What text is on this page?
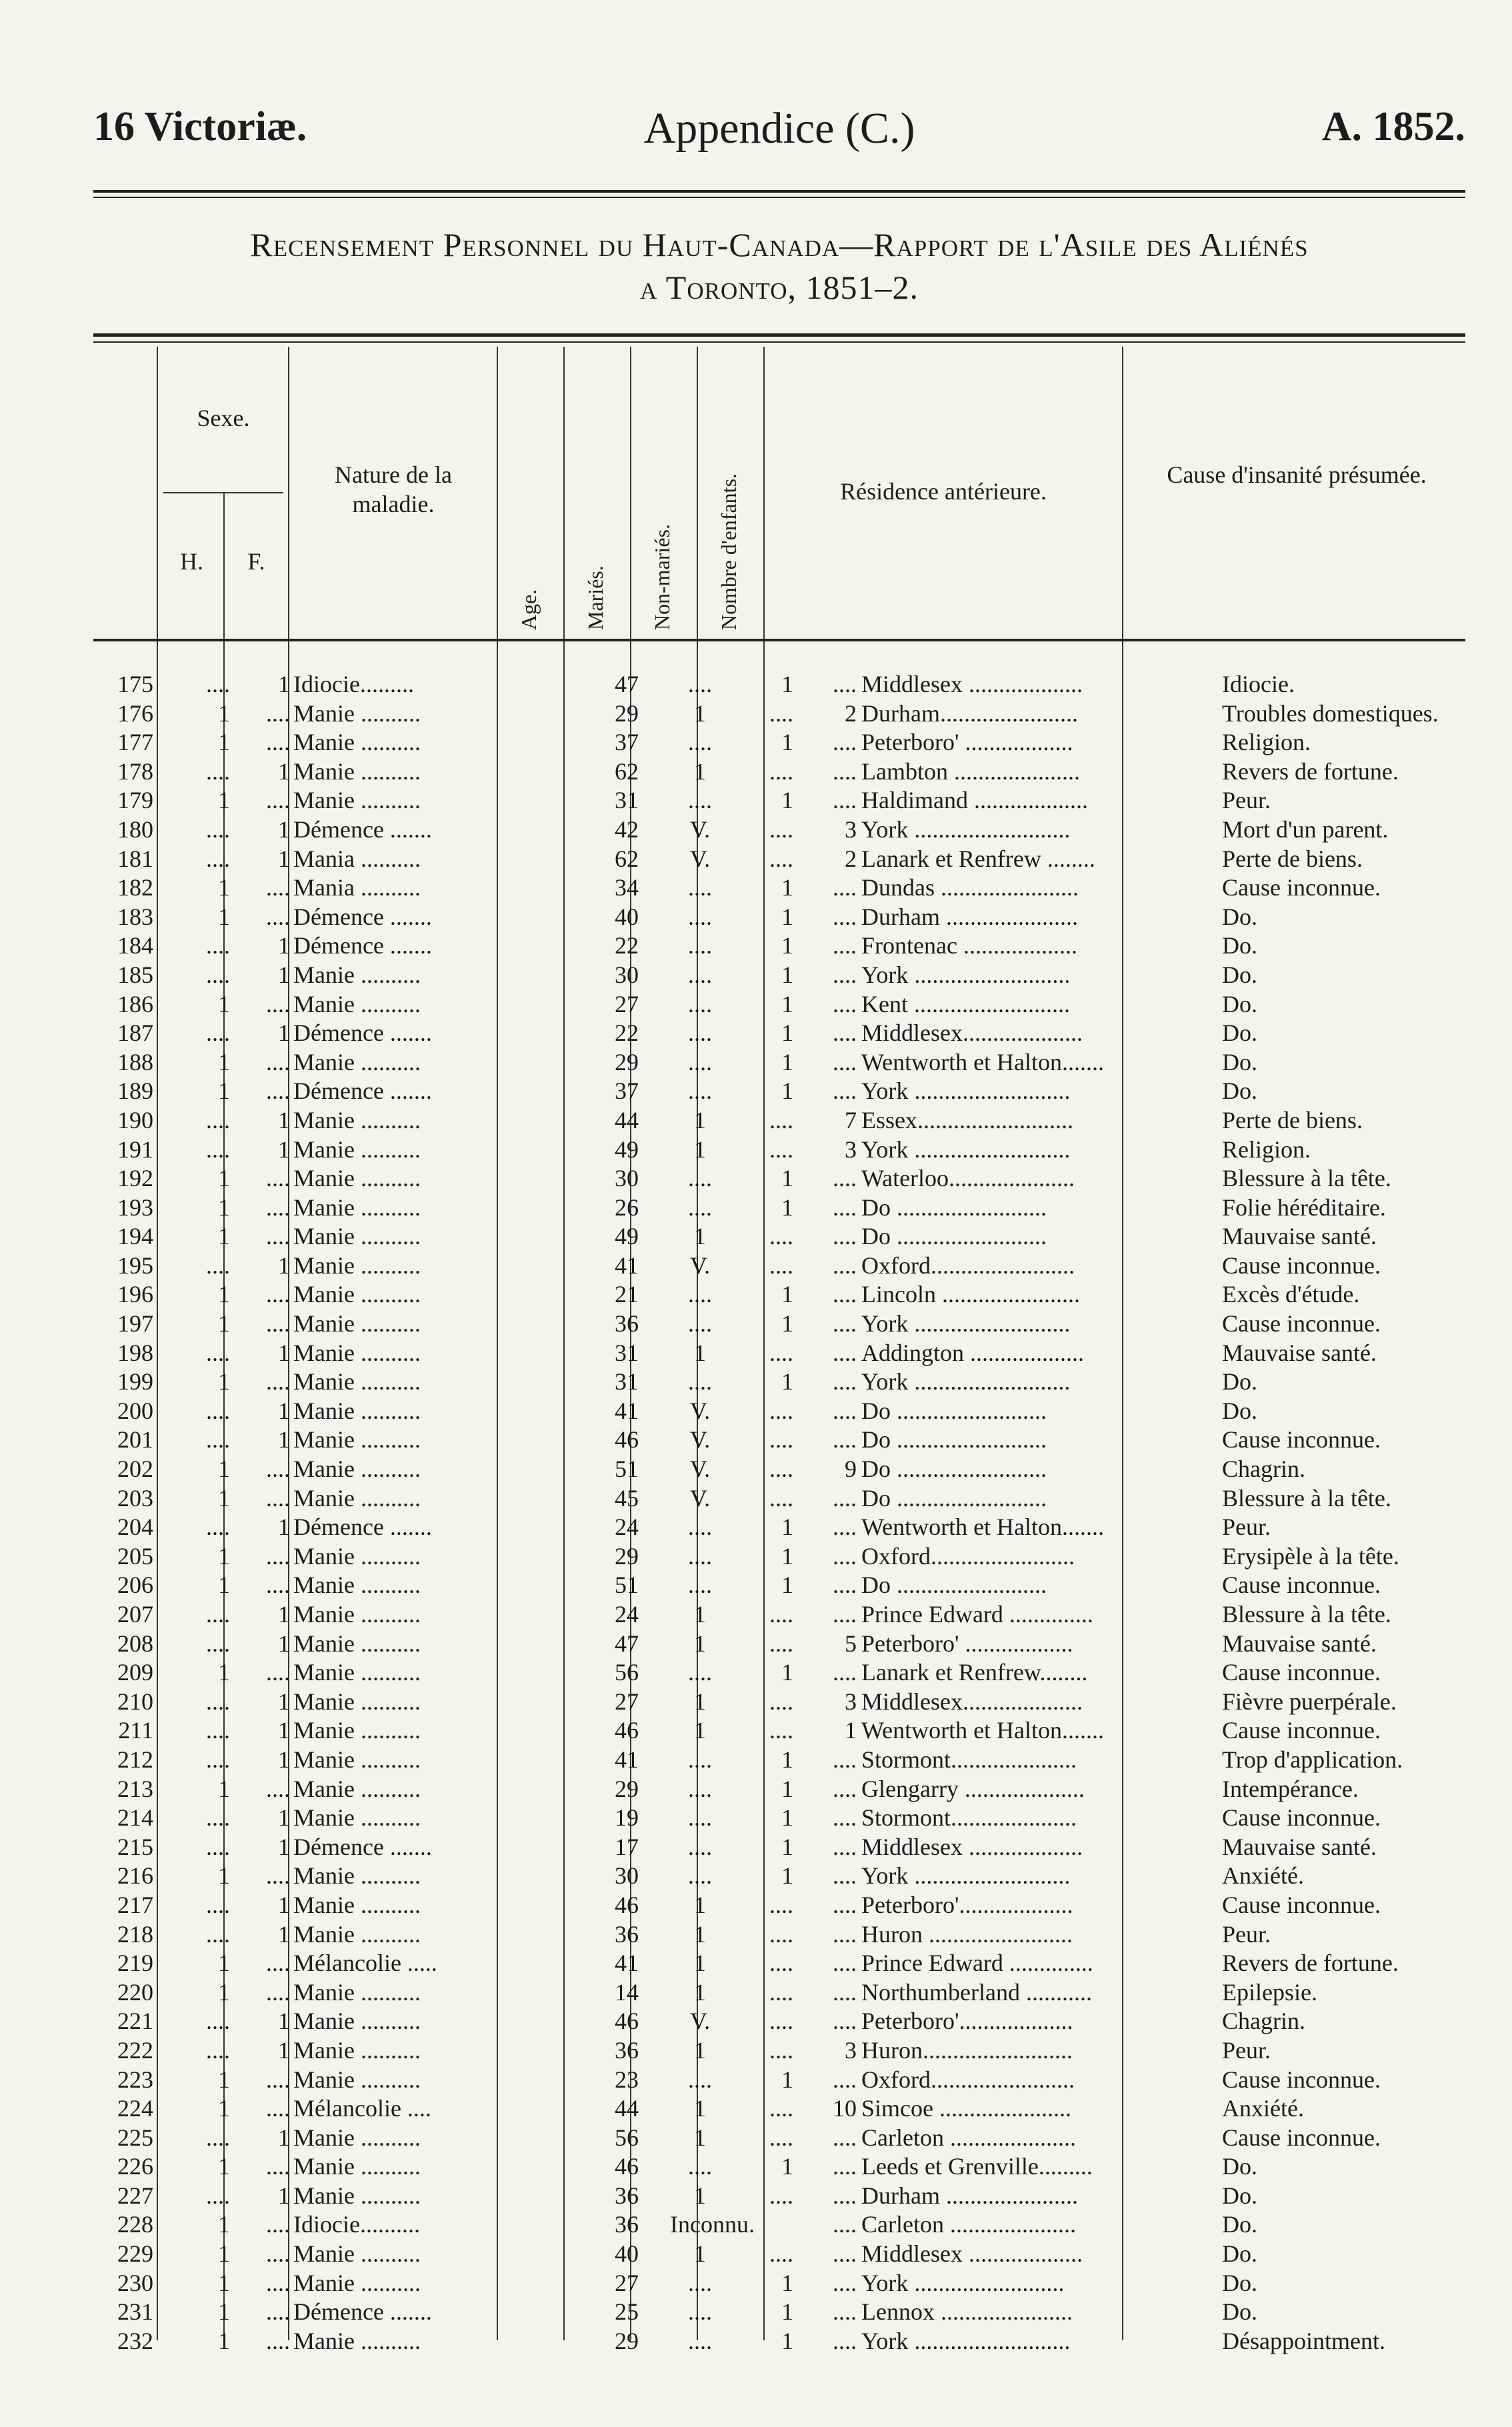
16 Victoriæ.	Appendice (C.)	A. 1852.
Recensement Personnel du Haut-Canada—Rapport de l'Asile des Aliénés
a Toronto, 1851–2.
Sexe.
H.	F.
Nature de la maladie.
Age. Mariés. Non-mariés. Nombre d'enfants.	Résidence antérieure.
Cause d'insanité présumée.
175	....	1 Idiocie.........	47	....	1	.... Middlesex ...................	Idiocie.
176	1	.... Manie ..........	29	1	....	2 Durham.......................	Troubles domestiques.
177	1	.... Manie ..........	37	....	1	.... Peterboro' ..................	Religion.
178	....	1 Manie ..........	62	1	....	.... Lambton .....................	Revers de fortune.
179	1	.... Manie ..........	31	....	1	.... Haldimand ...................	Peur.
180	....	1 Démence .......	42	V.	....	3 York ..........................	Mort d'un parent.
181	....	1 Mania ..........	62	V.	....	2 Lanark et Renfrew ........	Perte de biens.
182	1	.... Mania ..........	34	....	1	.... Dundas .......................	Cause inconnue.
183	1	.... Démence .......	40	....	1	.... Durham ......................	Do.
184	....	1 Démence .......	22	....	1	.... Frontenac ...................	Do.
185	....	1 Manie ..........	30	....	1	.... York ..........................	Do.
186	1	.... Manie ..........	27	....	1	.... Kent ..........................	Do.
187	....	1 Démence .......	22	....	1	.... Middlesex....................	Do.
188	1	.... Manie ..........	29	....	1	.... Wentworth et Halton.......	Do.
189	1	.... Démence .......	37	....	1	.... York ..........................	Do.
190	....	1 Manie ..........	44	1	....	7 Essex..........................	Perte de biens.
191	....	1 Manie ..........	49	1	....	3 York ..........................	Religion.
192	1	.... Manie ..........	30	....	1	.... Waterloo.....................	Blessure à la tête.
193	1	.... Manie ..........	26	....	1	.... Do .........................	Folie héréditaire.
194	1	.... Manie ..........	49	1	....	.... Do .........................	Mauvaise santé.
195	....	1 Manie ..........	41	V.	....	.... Oxford........................	Cause inconnue.
196	1	.... Manie ..........	21	....	1	.... Lincoln .......................	Excès d'étude.
197	1	.... Manie ..........	36	....	1	.... York ..........................	Cause inconnue.
198	....	1 Manie ..........	31	1	....	.... Addington ...................	Mauvaise santé.
199	1	.... Manie ..........	31	....	1	.... York ..........................	Do.
200	....	1 Manie ..........	41	V.	....	.... Do .........................	Do.
201	....	1 Manie ..........	46	V.	....	.... Do .........................	Cause inconnue.
202	1	.... Manie ..........	51	V.	....	9 Do .........................	Chagrin.
203	1	.... Manie ..........	45	V.	....	.... Do .........................	Blessure à la tête.
204	....	1 Démence .......	24	....	1	.... Wentworth et Halton.......	Peur.
205	1	.... Manie ..........	29	....	1	.... Oxford........................	Erysipèle à la tête.
206	1	.... Manie ..........	51	....	1	.... Do .........................	Cause inconnue.
207	....	1 Manie ..........	24	1	....	.... Prince Edward ..............	Blessure à la tête.
208	....	1 Manie ..........	47	1	....	5 Peterboro' ..................	Mauvaise santé.
209	1	.... Manie ..........	56	....	1	.... Lanark et Renfrew........	Cause inconnue.
210	....	1 Manie ..........	27	1	....	3 Middlesex....................	Fièvre puerpérale.
211	....	1 Manie ..........	46	1	....	1 Wentworth et Halton.......	Cause inconnue.
212	....	1 Manie ..........	41	....	1	.... Stormont.....................	Trop d'application.
213	1	.... Manie ..........	29	....	1	.... Glengarry ....................	Intempérance.
214	....	1 Manie ..........	19	....	1	.... Stormont.....................	Cause inconnue.
215	....	1 Démence .......	17	....	1	.... Middlesex ...................	Mauvaise santé.
216	1	.... Manie ..........	30	....	1	.... York ..........................	Anxiété.
217	....	1 Manie ..........	46	1	....	.... Peterboro'...................	Cause inconnue.
218	....	1 Manie ..........	36	1	....	.... Huron ........................	Peur.
219	1	.... Mélancolie .....	41	1	....	.... Prince Edward ..............	Revers de fortune.
220	1	.... Manie ..........	14	1	....	.... Northumberland ...........	Epilepsie.
221	....	1 Manie ..........	46	V.	....	.... Peterboro'...................	Chagrin.
222	....	1 Manie ..........	36	1	....	3 Huron.........................	Peur.
223	1	.... Manie ..........	23	....	1	.... Oxford........................	Cause inconnue.
224	1	.... Mélancolie ....	44	1	....	10 Simcoe ......................	Anxiété.
225	....	1 Manie ..........	56	1	....	.... Carleton .....................	Cause inconnue.
226	1	.... Manie ..........	46	....	1	.... Leeds et Grenville.........	Do.
227	....	1 Manie ..........	36	1	....	.... Durham ......................	Do.
228	1	.... Idiocie..........	36	Inconnu.	.... Carleton .....................	Do.
229	1	.... Manie ..........	40	1	....	.... Middlesex ...................	Do.
230	1	.... Manie ..........	27	....	1	.... York .........................	Do.
231	1	.... Démence .......	25	....	1	.... Lennox ......................	Do.
232	1	.... Manie ..........	29	....	1	.... York ..........................	Désappointment.
